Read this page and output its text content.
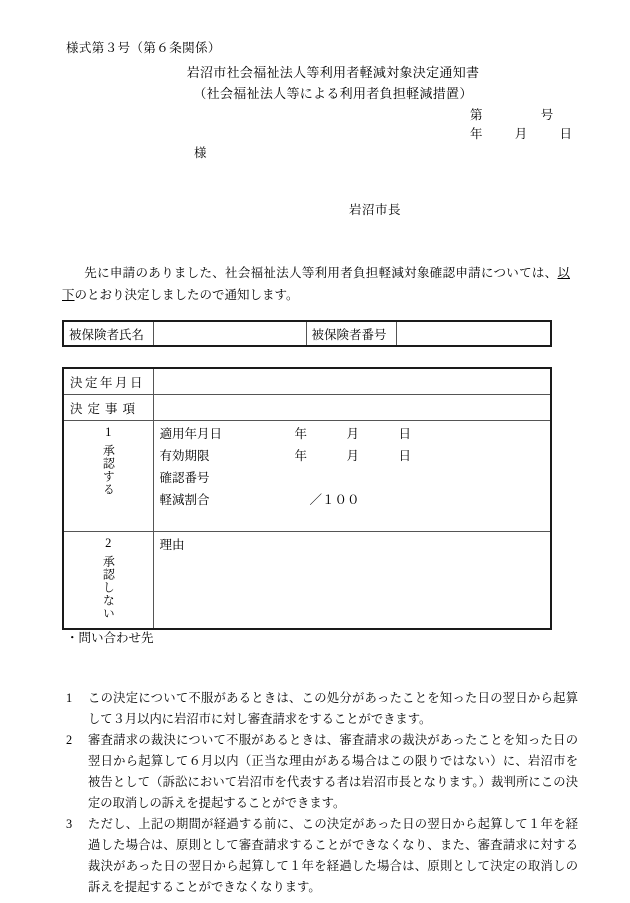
様式第３号（第６条関係）
岩沼市社会福祉法人等利用者軽減対象決定通知書
（社会福祉法人等による利用者負担軽減措置）
第	号
年	月	日
様
岩沼市長
先に申請のありました、社会福祉法人等利用者負担軽減対象確認申請については、以下のとおり決定しましたので通知します。
被保険者氏名		被保険者番号	
決定年月日	
決定事項	

1
承認する	適用年月日 年 月 日
有効期限 年 月 日
確認番号
軽減割合 ／１００

2
承認しない	理由
・問い合わせ先
1 この決定について不服があるときは、この処分があったことを知った日の翌日から起算して３月以内に岩沼市に対し審査請求をすることができます。
2 審査請求の裁決について不服があるときは、審査請求の裁決があったことを知った日の翌日から起算して６月以内（正当な理由がある場合はこの限りではない）に、岩沼市を被告として（訴訟において岩沼市を代表する者は岩沼市長となります。）裁判所にこの決定の取消しの訴えを提起することができます。
3 ただし、上記の期間が経過する前に、この決定があった日の翌日から起算して１年を経過した場合は、原則として審査請求することができなくなり、また、審査請求に対する裁決があった日の翌日から起算して１年を経過した場合は、原則として決定の取消しの訴えを提起することができなくなります。
